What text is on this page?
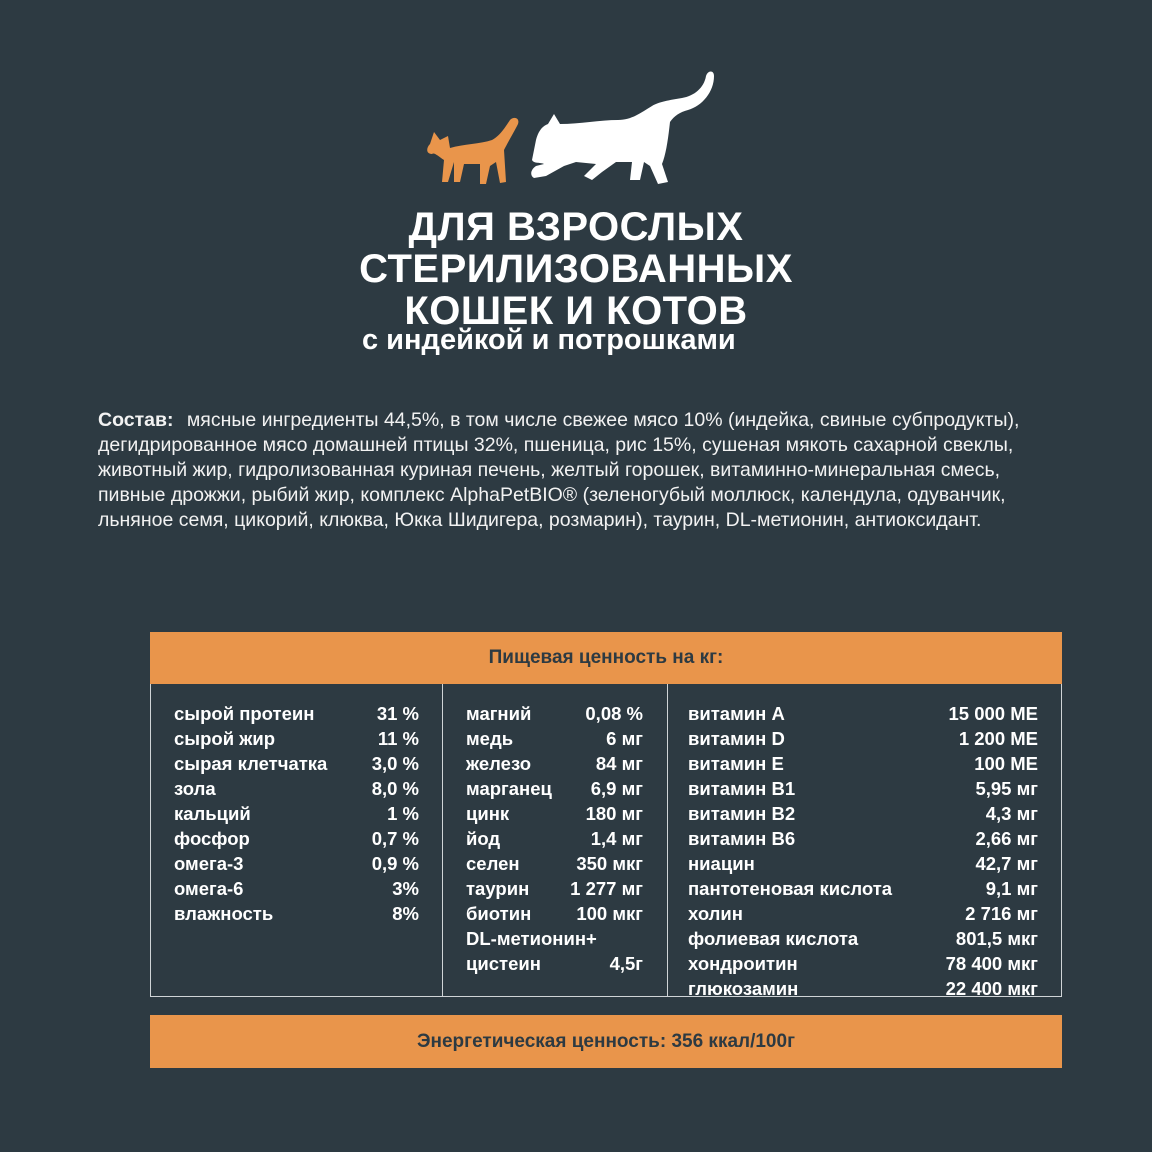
ДЛЯ ВЗРОСЛЫХ
СТЕРИЛИЗОВАННЫХ
КОШЕК И КОТОВ
с индейкой и потрошками
Состав: мясные ингредиенты 44,5%, в том числе свежее мясо 10% (индейка, свиные субпродукты), дегидрированное мясо домашней птицы 32%, пшеница, рис 15%, сушеная мякоть сахарной свеклы, животный жир, гидролизованная куриная печень, желтый горошек, витаминно-минеральная смесь, пивные дрожжи, рыбий жир, комплекс AlphaPetBIO® (зеленогубый моллюск, календула, одуванчик, льняное семя, цикорий, клюква, Юкка Шидигера, розмарин), таурин, DL-метионин, антиоксидант.
Пищевая ценность на кг:
сырой протеин	31 %
сырой жир	11 %
сырая клетчатка 3,0 %
зола	8,0 %
кальций	1 %
фосфор	0,7 %
омега-3	0,9 %
омега-6	3%
влажность	8%
магний	0,08 %
медь	6 мг
железо	84 мг
марганец 6,9 мг
цинк	180 мг
йод	1,4 мг
селен	350 мкг
таурин 1 277 мг
биотин 100 мкг
DL-метионин+
цистеин	4,5г
витамин А	15 000 МЕ
витамин D	1 200 МЕ
витамин Е	100 МЕ
витамин В1	5,95 мг
витамин В2	4,3 мг
витамин В6	2,66 мг
ниацин	42,7 мг
пантотеновая кислота	9,1 мг
холин	2 716 мг
фолиевая кислота	801,5 мкг
хондроитин	78 400 мкг
глюкозамин	22 400 мкг
Энергетическая ценность: 356 ккал/100г
